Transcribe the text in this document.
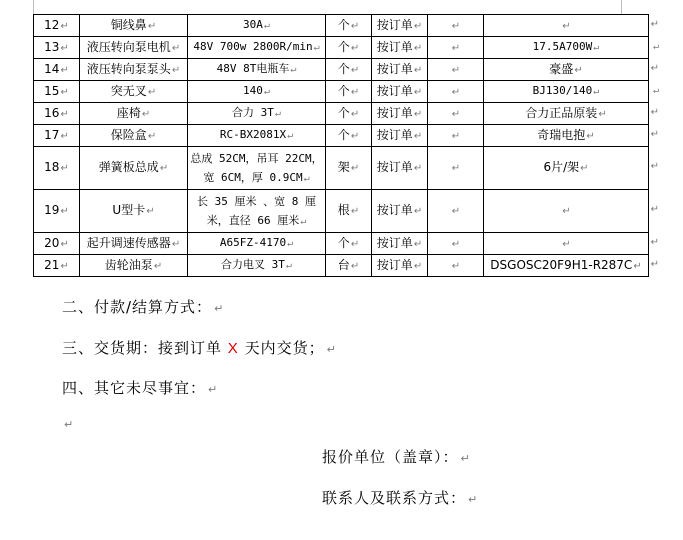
12↵	铜线鼻↵	30A↵	个↵	按订单↵	↵	↵ ↵

13↵	液压转向泵电机↵	48V 700w 2800R/min↵	个↵	按订单↵	↵	17.5A700W↵ ↵

14↵	液压转向泵泵头↵	48V 8T电瓶车↵	个↵	按订单↵	↵	豪盛↵ ↵

15↵	突无叉↵	140↵	个↵	按订单↵	↵	BJ130/140↵ ↵

16↵	座椅↵	合力 3T↵	个↵	按订单↵	↵	合力正品原装↵ ↵

17↵	保险盒↵	RC-BX2081X↵	个↵	按订单↵	↵	奇瑞电抱↵ ↵

18↵	弹簧板总成↵	总成 52CM，吊耳 22CM，宽 6CM，厚 0.9CM↵	架↵	按订单↵	↵	6片/架↵ ↵

19↵	U型卡↵	长 35 厘米 、宽 8 厘米，直径 66 厘米↵	根↵	按订单↵	↵	↵ ↵

20↵	起升调速传感器↵	A65FZ-4170↵	个↵	按订单↵	↵	↵ ↵

21↵	齿轮油泵↵	合力电叉 3T↵	台↵	按订单↵	↵	DSGOSC20F9H1-R287C↵ ↵
二、付款/结算方式： ↵
三、交货期：接到订单 X 天内交货； ↵
四、其它未尽事宜： ↵
↵
报价单位（盖章）： ↵
联系人及联系方式： ↵
